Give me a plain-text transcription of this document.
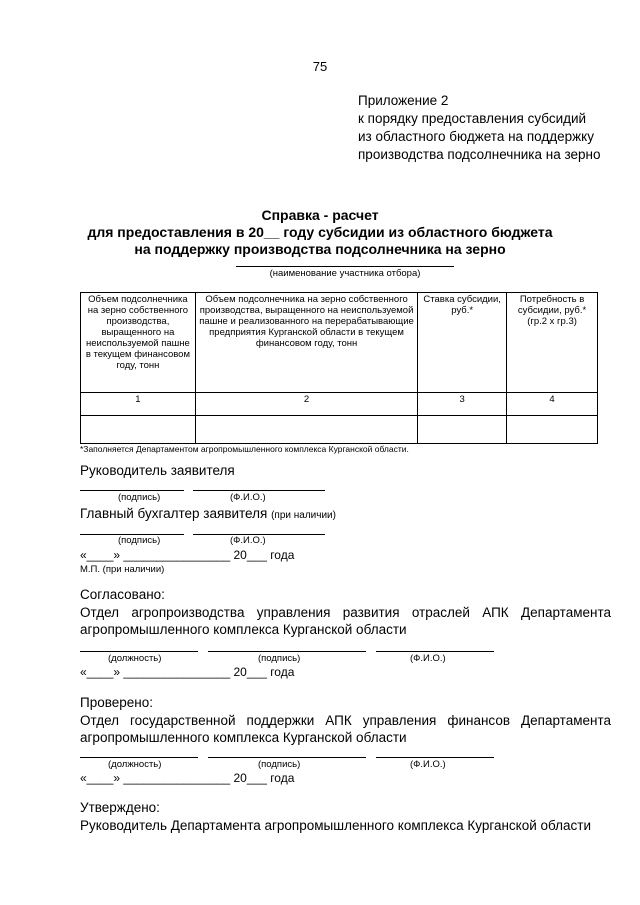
75
Приложение 2
к порядку предоставления субсидий
из областного бюджета на поддержку
производства подсолнечника на зерно
Справка - расчет
для предоставления в 20__ году субсидии из областного бюджета
на поддержку производства подсолнечника на зерно
(наименование участника отбора)
Объем подсолнечника на зерно собственного производства, выращенного на неиспользуемой пашне в текущем финансовом году, тонн	Объем подсолнечника на зерно собственного производства, выращенного на неиспользуемой пашне и реализованного на перерабатывающие предприятия Курганской области в текущем финансовом году, тонн	Ставка субсидии, руб.*	Потребность в субсидии, руб.* (гр.2 х гр.3)
1	2	3	4

*Заполняется Департаментом агропромышленного комплекса Курганской области.
Руководитель заявителя
(подпись)	(Ф.И.О.)
Главный бухгалтер заявителя (при наличии)
(подпись)	(Ф.И.О.)
«____» ________________ 20___ года
М.П. (при наличии)
Согласовано:
Отдел агропроизводства управления развития отраслей АПК Департамента
агропромышленного комплекса Курганской области
(должность)	(подпись)	(Ф.И.О.)
«____» ________________ 20___ года
Проверено:
Отдел государственной поддержки АПК управления финансов Департамента
агропромышленного комплекса Курганской области
(должность)	(подпись)	(Ф.И.О.)
«____» ________________ 20___ года
Утверждено:
Руководитель Департамента агропромышленного комплекса Курганской области
